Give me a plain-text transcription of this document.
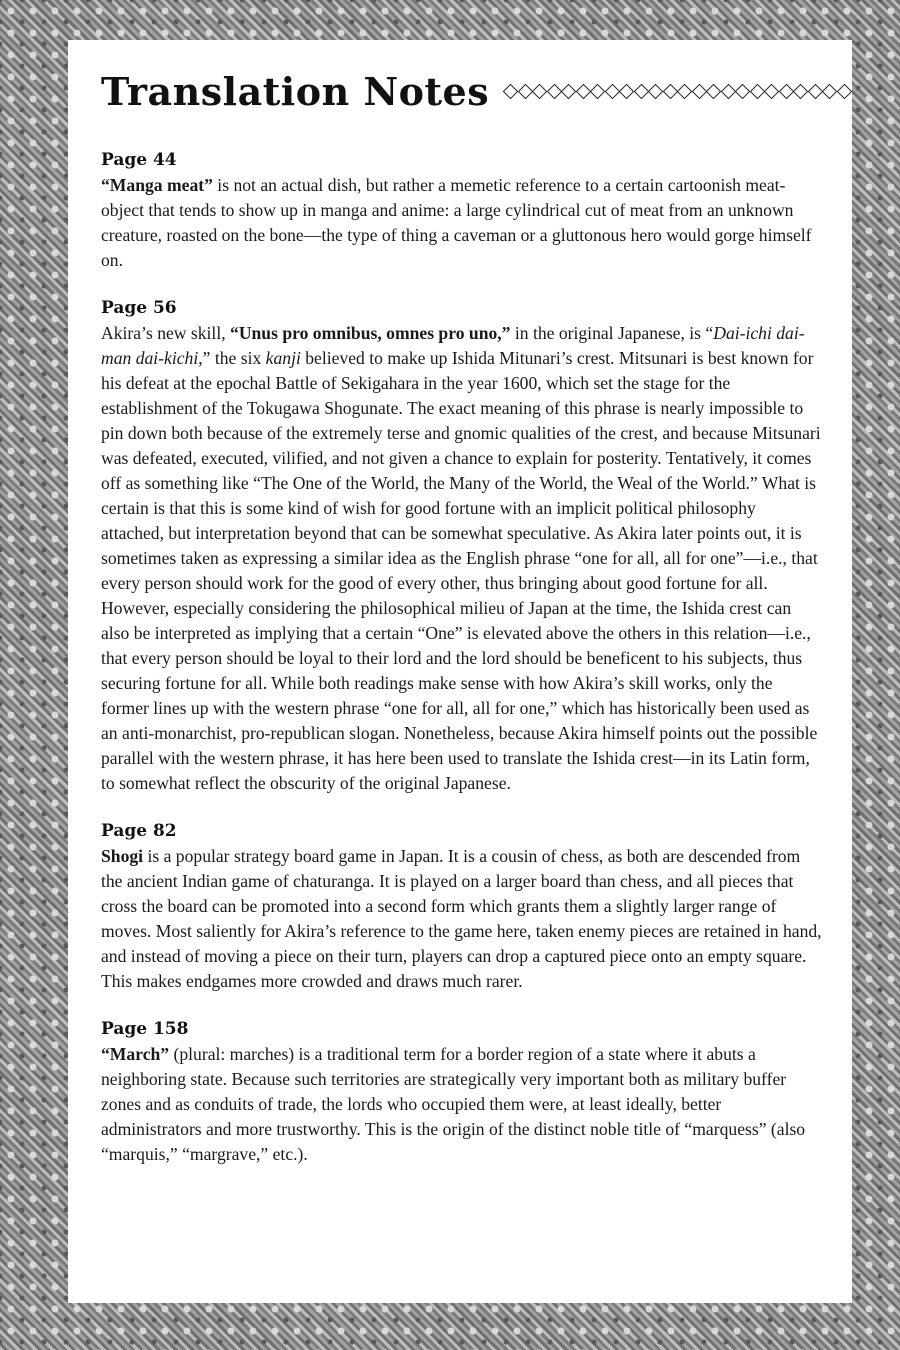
Translation Notes

Page 44

“Manga meat” is not an actual dish, but rather a memetic reference to a certain cartoonish meat-object that tends to show up in manga and anime: a large cylindrical cut of meat from an unknown creature, roasted on the bone—the type of thing a caveman or a gluttonous hero would gorge himself on.

Page 56

Akira’s new skill, “Unus pro omnibus, omnes pro uno,” in the original Japanese, is “Dai-ichi dai-man dai-kichi,” the six kanji believed to make up Ishida Mitunari’s crest. Mitsunari is best known for his defeat at the epochal Battle of Sekigahara in the year 1600, which set the stage for the establishment of the Tokugawa Shogunate. The exact meaning of this phrase is nearly impossible to pin down both because of the extremely terse and gnomic qualities of the crest, and because Mitsunari was defeated, executed, vilified, and not given a chance to explain for posterity. Tentatively, it comes off as something like “The One of the World, the Many of the World, the Weal of the World.” What is certain is that this is some kind of wish for good fortune with an implicit political philosophy attached, but interpretation beyond that can be somewhat speculative. As Akira later points out, it is sometimes taken as expressing a similar idea as the English phrase “one for all, all for one”—i.e., that every person should work for the good of every other, thus bringing about good fortune for all. However, especially considering the philosophical milieu of Japan at the time, the Ishida crest can also be interpreted as implying that a certain “One” is elevated above the others in this relation—i.e., that every person should be loyal to their lord and the lord should be beneficent to his subjects, thus securing fortune for all. While both readings make sense with how Akira’s skill works, only the former lines up with the western phrase “one for all, all for one,” which has historically been used as an anti-monarchist, pro-republican slogan. Nonetheless, because Akira himself points out the possible parallel with the western phrase, it has here been used to translate the Ishida crest—in its Latin form, to somewhat reflect the obscurity of the original Japanese.

Page 82

Shogi is a popular strategy board game in Japan. It is a cousin of chess, as both are descended from the ancient Indian game of chaturanga. It is played on a larger board than chess, and all pieces that cross the board can be promoted into a second form which grants them a slightly larger range of moves. Most saliently for Akira’s reference to the game here, taken enemy pieces are retained in hand, and instead of moving a piece on their turn, players can drop a captured piece onto an empty square. This makes endgames more crowded and draws much rarer.

Page 158

“March” (plural: marches) is a traditional term for a border region of a state where it abuts a neighboring state. Because such territories are strategically very important both as military buffer zones and as conduits of trade, the lords who occupied them were, at least ideally, better administrators and more trustworthy. This is the origin of the distinct noble title of “marquess” (also “marquis,” “margrave,” etc.).
